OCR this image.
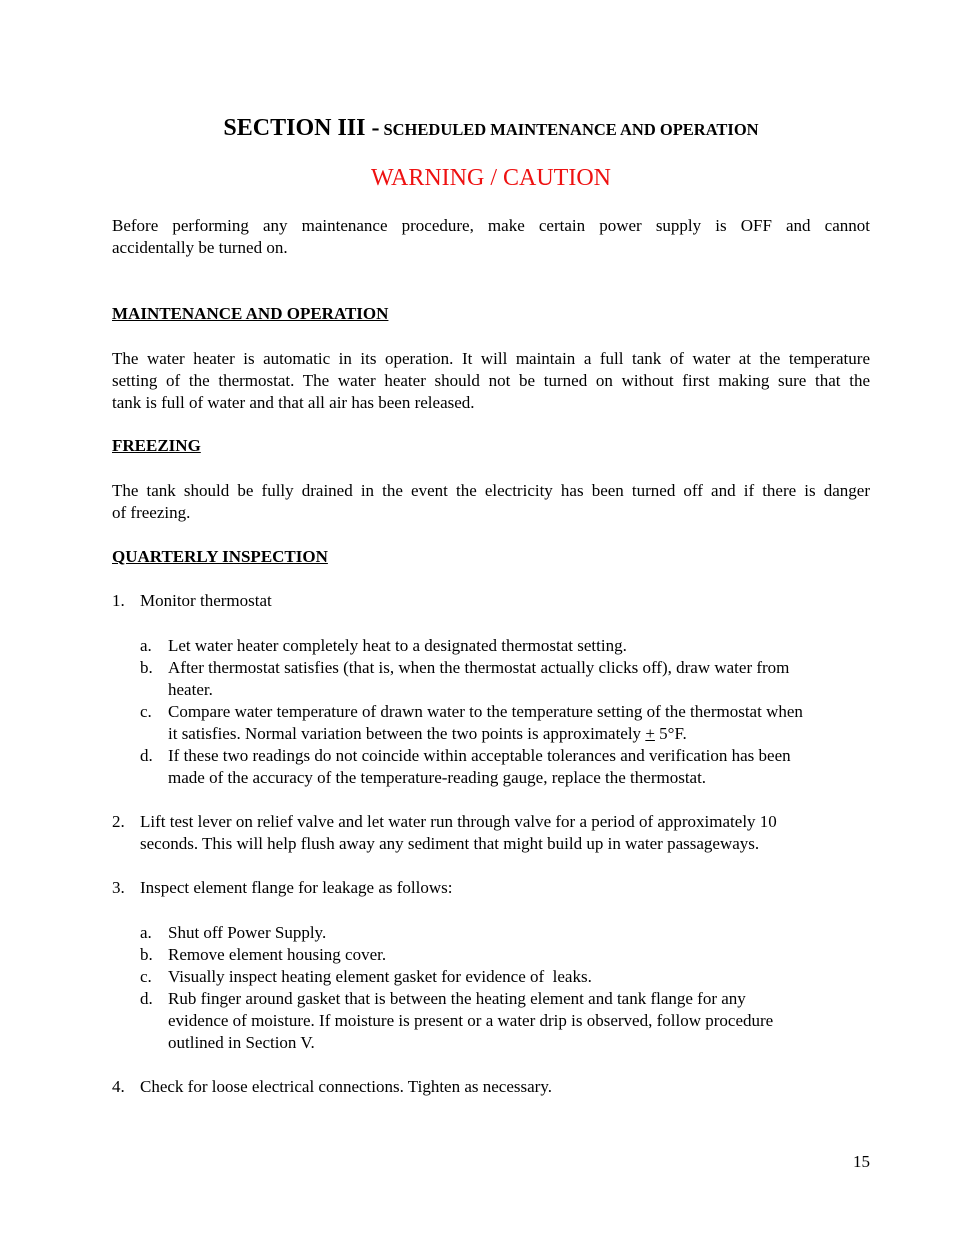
SECTION III - SCHEDULED MAINTENANCE AND OPERATION
WARNING / CAUTION
Before performing any maintenance procedure, make certain power supply is OFF and cannot
accidentally be turned on.
MAINTENANCE AND OPERATION
The water heater is automatic in its operation. It will maintain a full tank of water at the temperature
setting of the thermostat. The water heater should not be turned on without first making sure that the
tank is full of water and that all air has been released.
FREEZING
The tank should be fully drained in the event the electricity has been turned off and if there is danger
of freezing.
QUARTERLY INSPECTION
1. Monitor thermostat
a. Let water heater completely heat to a designated thermostat setting.
b. After thermostat satisfies (that is, when the thermostat actually clicks off), draw water from
heater.
c. Compare water temperature of drawn water to the temperature setting of the thermostat when
it satisfies. Normal variation between the two points is approximately + 5°F.
d. If these two readings do not coincide within acceptable tolerances and verification has been
made of the accuracy of the temperature-reading gauge, replace the thermostat.
2. Lift test lever on relief valve and let water run through valve for a period of approximately 10
seconds. This will help flush away any sediment that might build up in water passageways.
3. Inspect element flange for leakage as follows:
a. Shut off Power Supply.
b. Remove element housing cover.
c. Visually inspect heating element gasket for evidence of  leaks.
d. Rub finger around gasket that is between the heating element and tank flange for any
evidence of moisture. If moisture is present or a water drip is observed, follow procedure
outlined in Section V.
4. Check for loose electrical connections. Tighten as necessary.
15
